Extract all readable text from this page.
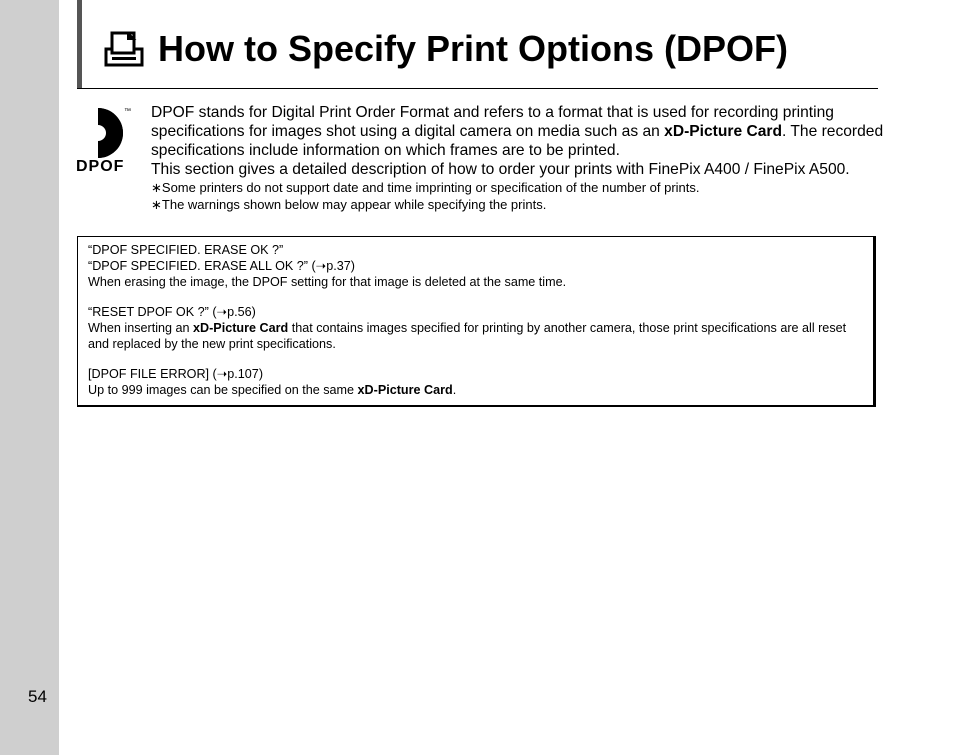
54
How to Specify Print Options (DPOF)
DPOF
™ DPOF stands for Digital Print Order Format and refers to a format that is used for recording printing specifications for images shot using a digital camera on media such as an xD-Picture Card. The recorded specifications include information on which frames are to be printed.

This section gives a detailed description of how to order your prints with FinePix A400 / FinePix A500.

∗Some printers do not support date and time imprinting or specification of the number of prints.

∗The warnings shown below may appear while specifying the prints.

“DPOF SPECIFIED. ERASE OK ?”

“DPOF SPECIFIED. ERASE ALL OK ?” (➝p.37)

When erasing the image, the DPOF setting for that image is deleted at the same time.

“RESET DPOF OK ?” (➝p.56)

When inserting an xD-Picture Card that contains images specified for printing by another camera, those print specifications are all reset and replaced by the new print specifications.

[DPOF FILE ERROR] (➝p.107)

Up to 999 images can be specified on the same xD-Picture Card.
